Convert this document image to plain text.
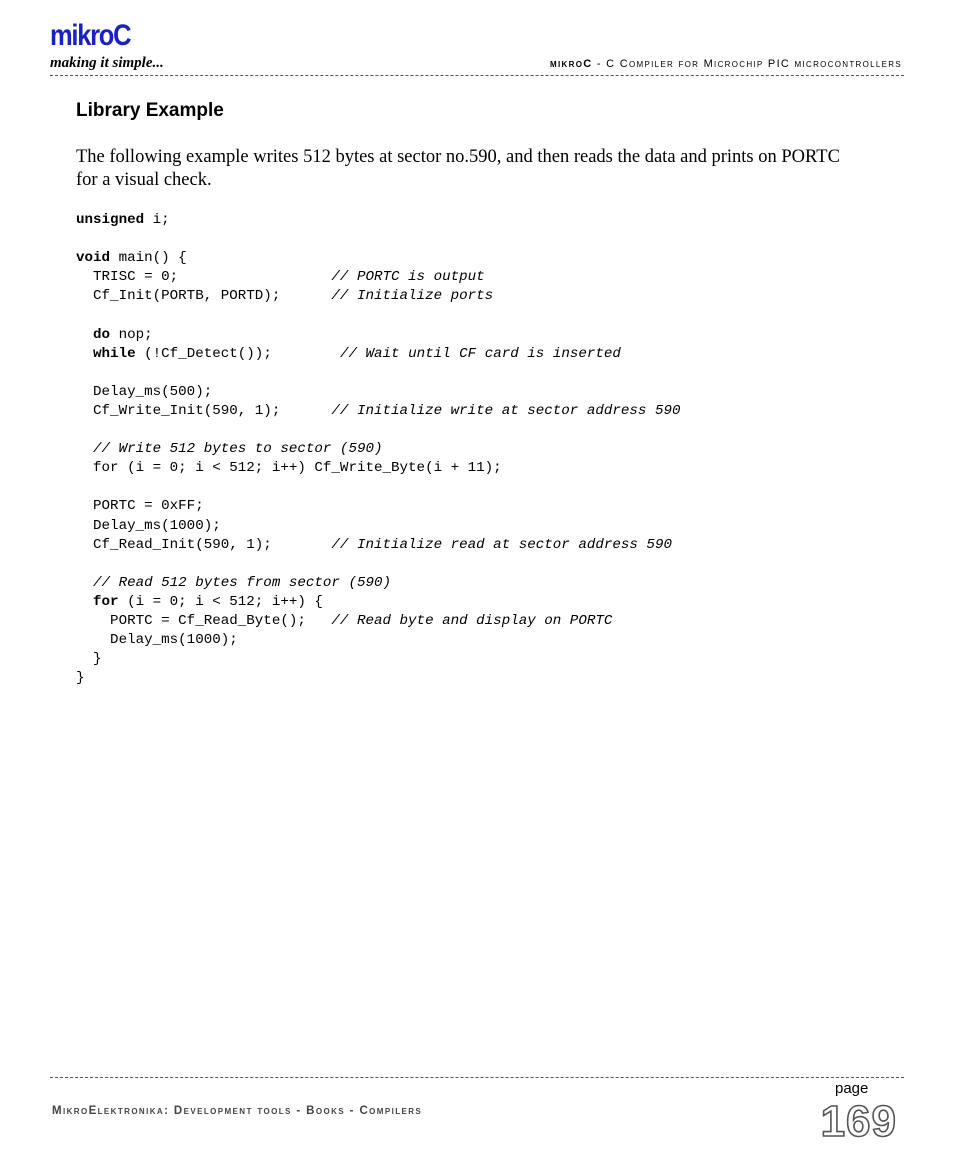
mikroC
making it simple...	mikroC - C Compiler for Microchip PIC microcontrollers
Library Example
The following example writes 512 bytes at sector no.590, and then reads the data and prints on PORTC for a visual check.
unsigned i;
void main() {
TRISC = 0;                  // PORTC is output
Cf_Init(PORTB, PORTD);      // Initialize ports
do nop;
while (!Cf_Detect());        // Wait until CF card is inserted
Delay_ms(500);
Cf_Write_Init(590, 1);      // Initialize write at sector address 590
// Write 512 bytes to sector (590)
for (i = 0; i < 512; i++) Cf_Write_Byte(i + 11);
PORTC = 0xFF;
Delay_ms(1000);
Cf_Read_Init(590, 1);       // Initialize read at sector address 590
// Read 512 bytes from sector (590)
for (i = 0; i < 512; i++) {
PORTC = Cf_Read_Byte();   // Read byte and display on PORTC
Delay_ms(1000);
}
}
page
169
MikroElektronika: Development tools - Books - Compilers
